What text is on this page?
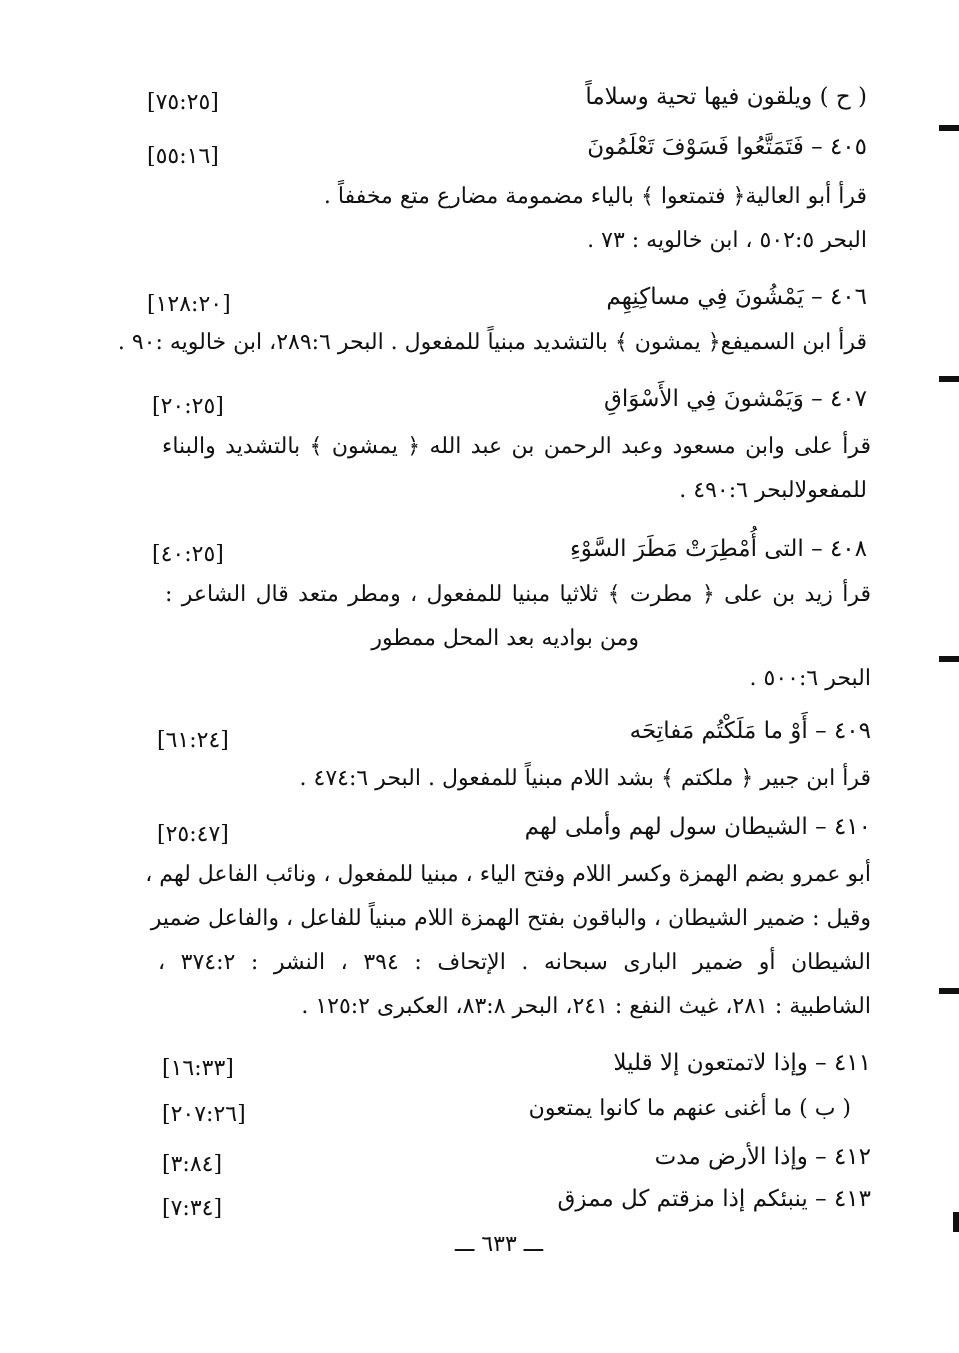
( ح ) ويلقون فيها تحية وسلاماً
[٧٥:٢٥]
٤٠٥ – فَتَمَتَّعُوا فَسَوْفَ تَعْلَمُونَ
[٥٥:١٦]
قرأ أبو العالية﴿ فتمتعوا ﴾ بالياء مضمومة مضارع متع مخففاً .
البحر ٥٠٢:٥ ، ابن خالويه : ٧٣ .
٤٠٦ – يَمْشُونَ فِي مساكِنِهِم
[١٢٨:٢٠]
قرأ ابن السميفع﴿ يمشون ﴾ بالتشديد مبنياً للمفعول . البحر ٢٨٩:٦، ابن خالويه :٩٠ .
٤٠٧ – وَيَمْشونَ فِي الأَسْوَاقِ
[٢٠:٢٥]
قرأ على وابن مسعود وعبد الرحمن بن عبد الله ﴿ يمشون ﴾ بالتشديد والبناء
للمفعولالبحر ٤٩٠:٦ .
٤٠٨ – التى أُمْطِرَتْ مَطَرَ السَّوْءِ
[٤٠:٢٥]
قرأ زيد بن على ﴿ مطرت ﴾ ثلاثيا مبنيا للمفعول ، ومطر متعد قال الشاعر :
ومن بواديه بعد المحل ممطور
البحر ٥٠٠:٦ .
٤٠٩ – أَوْ ما مَلَكْتُم مَفاتِحَه
[٦١:٢٤]
قرأ ابن جبير ﴿ ملكتم ﴾ بشد اللام مبنياً للمفعول . البحر ٤٧٤:٦ .
٤١٠ – الشيطان سول لهم وأملى لهم
[٢٥:٤٧]
أبو عمرو بضم الهمزة وكسر اللام وفتح الياء ، مبنيا للمفعول ، ونائب الفاعل لهم ،
وقيل : ضمير الشيطان ، والباقون بفتح الهمزة اللام مبنياً للفاعل ، والفاعل ضمير
الشيطان أو ضمير البارى سبحانه . الإتحاف : ٣٩٤ ، النشر : ٣٧٤:٢ ،
الشاطبية : ٢٨١، غيث النفع : ٢٤١، البحر ٨٣:٨، العكبرى ١٢٥:٢ .
٤١١ – وإذا لاتمتعون إلا قليلا
[١٦:٣٣]
( ب ) ما أغنى عنهم ما كانوا يمتعون
[٢٠٧:٢٦]
٤١٢ – وإذا الأرض مدت
[٣:٨٤]
٤١٣ – ينبئكم إذا مزقتم كل ممزق
[٧:٣٤]
ـــ ٦٣٣ ـــ
